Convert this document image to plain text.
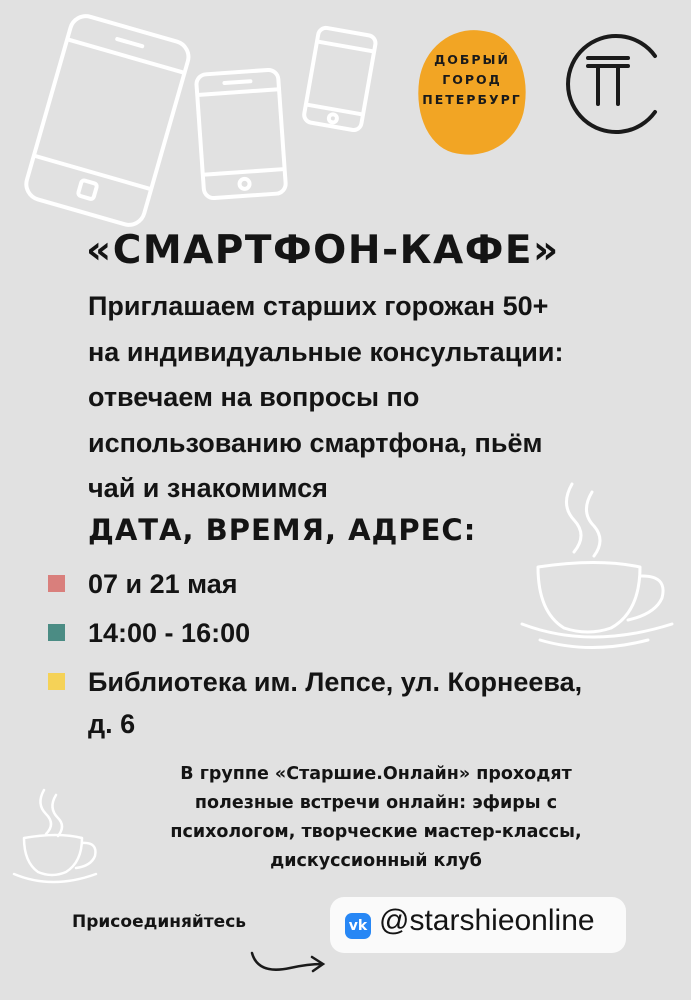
ДОБРЫЙ
ГОРОД
ПЕТЕРБУРГ
«СМАРТФОН-КАФЕ»
Приглашаем старших горожан 50+
на индивидуальные консультации:
отвечаем на вопросы по
использованию смартфона, пьём
чай и знакомимся
ДАТА, ВРЕМЯ, АДРЕС:
07 и 21 мая
14:00 - 16:00
Библиотека им. Лепсе, ул. Корнеева,
д. 6
В группе «Старшие.Онлайн» проходят
полезные встречи онлайн: эфиры с
психологом, творческие мастер-классы,
дискуссионный клуб
Присоединяйтесь	vk @starshieonline
